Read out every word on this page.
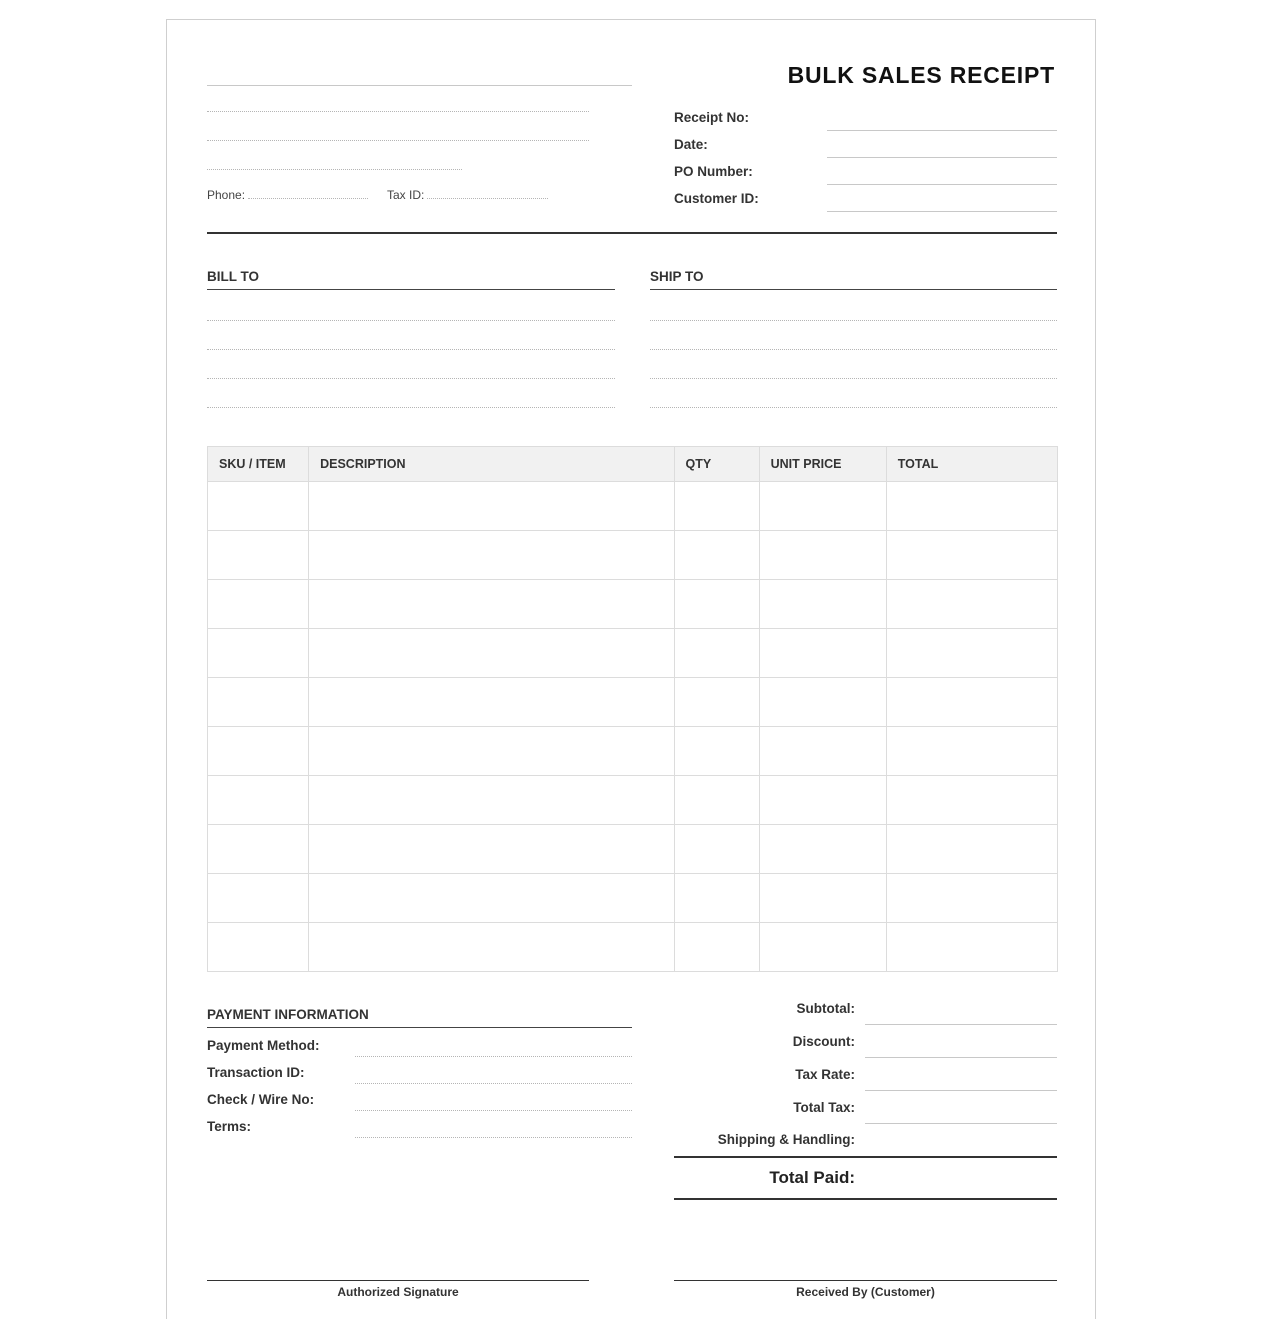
Phone:	Tax ID:
BULK SALES RECEIPT
Receipt No:
Date:
PO Number:
Customer ID:
BILL TO	SHIP TO
SKU / ITEM	DESCRIPTION	QTY	UNIT PRICE	TOTAL

PAYMENT INFORMATION
Payment Method:
Transaction ID:
Check / Wire No:
Terms:
Subtotal:
Discount:
Tax Rate:
Total Tax:
Shipping & Handling:
Total Paid:
Authorized Signature	Received By (Customer)
